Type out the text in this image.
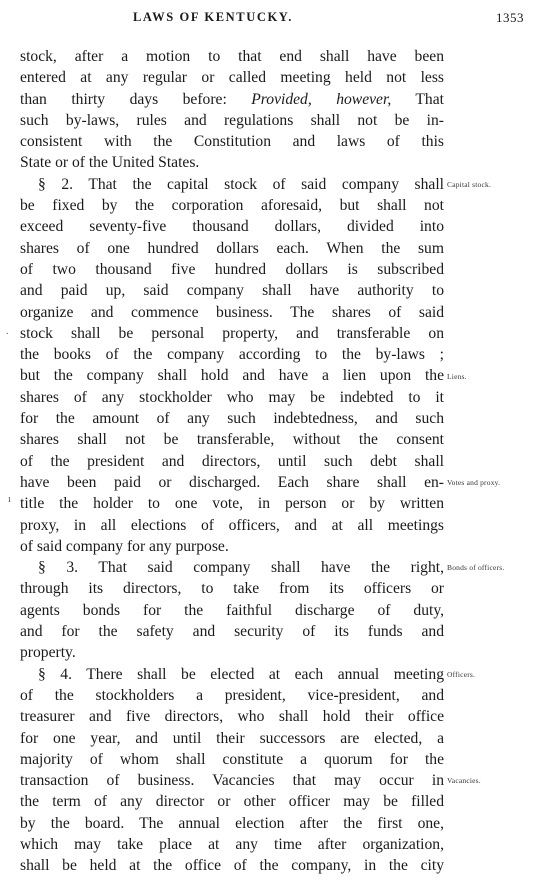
LAWS OF KENTUCKY.	1353
stock, after a motion to that end shall have been
entered at any regular or called meeting held not less
than thirty days before: Provided, however, That
such by-laws, rules and regulations shall not be in-
consistent with the Constitution and laws of this
State or of the United States.
§ 2. That the capital stock of said company shall
be fixed by the corporation aforesaid, but shall not
exceed seventy-five thousand dollars, divided into
shares of one hundred dollars each. When the sum
of two thousand five hundred dollars is subscribed
and paid up, said company shall have authority to
organize and commence business. The shares of said
stock shall be personal property, and transferable on
the books of the company according to the by-laws ;
but the company shall hold and have a lien upon the
shares of any stockholder who may be indebted to it
for the amount of any such indebtedness, and such
shares shall not be transferable, without the consent
of the president and directors, until such debt shall
have been paid or discharged. Each share shall en-
title the holder to one vote, in person or by written
proxy, in all elections of officers, and at all meetings
of said company for any purpose.
§ 3. That said company shall have the right,
through its directors, to take from its officers or
agents bonds for the faithful discharge of duty,
and for the safety and security of its funds and
property.
§ 4. There shall be elected at each annual meeting
of the stockholders a president, vice-president, and
treasurer and five directors, who shall hold their office
for one year, and until their successors are elected, a
majority of whom shall constitute a quorum for the
transaction of business. Vacancies that may occur in
the term of any director or other officer may be filled
by the board. The annual election after the first one,
which may take place at any time after organization,
shall be held at the office of the company, in the city
Capital stock.
Liens.
Votes and proxy.
Bonds of officers.
Officers.
Vacancies.
.
ı
